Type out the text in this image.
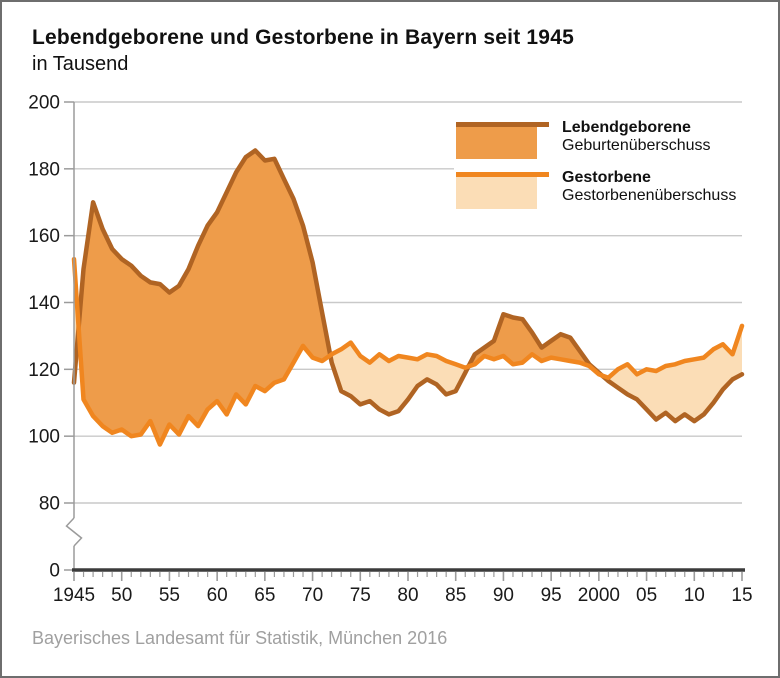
Lebendgeborene und Gestorbene in Bayern seit 1945
in Tausend
200
180
160
140
120
100
80
0
1945 50 55 60 65 70 75 80 85 90 95 2000 05 10 15
Lebendgeborene
Geburtenüberschuss
Gestorbene
Gestorbenenüberschuss
Bayerisches Landesamt für Statistik, München 2016
